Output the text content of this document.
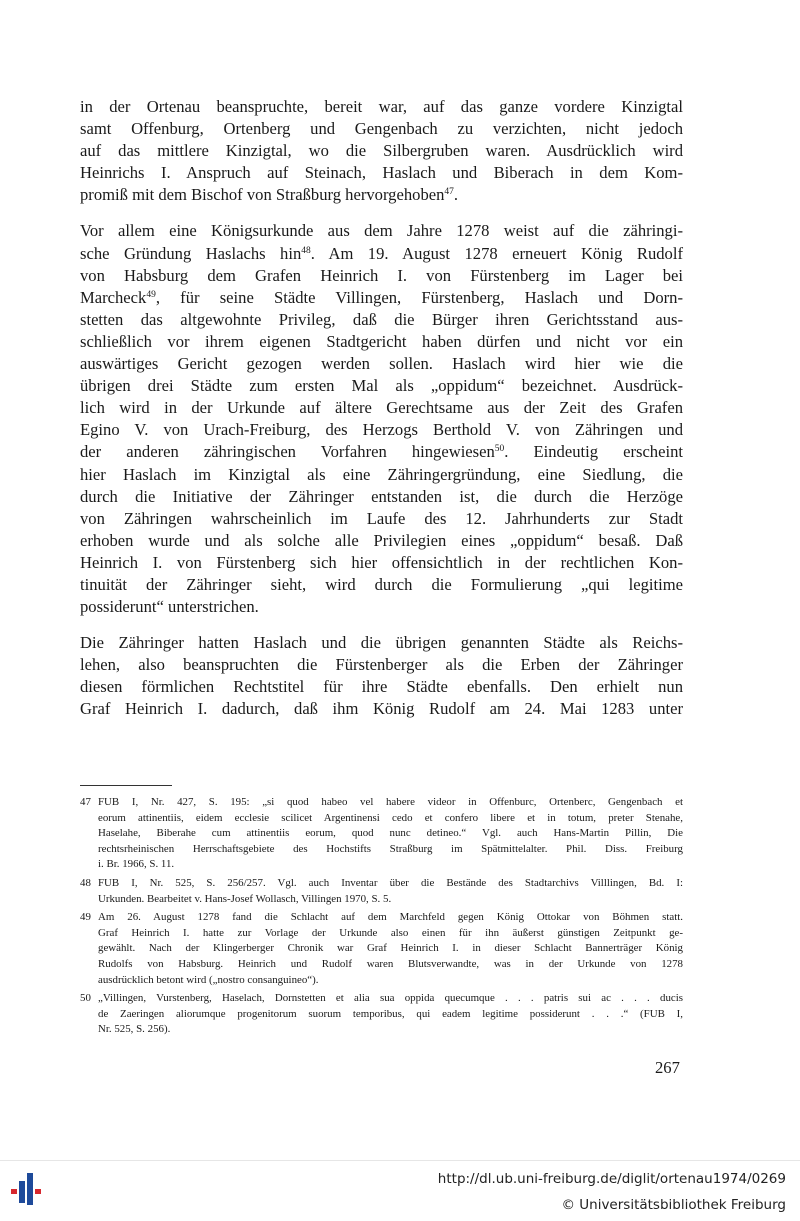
in der Ortenau beanspruchte, bereit war, auf das ganze vordere Kinzigtal
samt Offenburg, Ortenberg und Gengenbach zu verzichten, nicht jedoch
auf das mittlere Kinzigtal, wo die Silbergruben waren. Ausdrücklich wird
Heinrichs I. Anspruch auf Steinach, Haslach und Biberach in dem Kom-
promiß mit dem Bischof von Straßburg hervorgehoben$^{47}$.

Vor allem eine Königsurkunde aus dem Jahre 1278 weist auf die zähringi-
sche Gründung Haslachs hin$^{48}$. Am 19. August 1278 erneuert König Rudolf
von Habsburg dem Grafen Heinrich I. von Fürstenberg im Lager bei
Marcheck$^{49}$, für seine Städte Villingen, Fürstenberg, Haslach und Dorn-
stetten das altgewohnte Privileg, daß die Bürger ihren Gerichtsstand aus-
schließlich vor ihrem eigenen Stadtgericht haben dürfen und nicht vor ein
auswärtiges Gericht gezogen werden sollen. Haslach wird hier wie die
übrigen drei Städte zum ersten Mal als „oppidum“ bezeichnet. Ausdrück-
lich wird in der Urkunde auf ältere Gerechtsame aus der Zeit des Grafen
Egino V. von Urach-Freiburg, des Herzogs Berthold V. von Zähringen und
der anderen zähringischen Vorfahren hingewiesen$^{50}$. Eindeutig erscheint
hier Haslach im Kinzigtal als eine Zähringergründung, eine Siedlung, die
durch die Initiative der Zähringer entstanden ist, die durch die Herzöge
von Zähringen wahrscheinlich im Laufe des 12. Jahrhunderts zur Stadt
erhoben wurde und als solche alle Privilegien eines „oppidum“ besaß. Daß
Heinrich I. von Fürstenberg sich hier offensichtlich in der rechtlichen Kon-
tinuität der Zähringer sieht, wird durch die Formulierung „qui legitime
possiderunt“ unterstrichen.

Die Zähringer hatten Haslach und die übrigen genannten Städte als Reichs-
lehen, also beanspruchten die Fürstenberger als die Erben der Zähringer
diesen förmlichen Rechtstitel für ihre Städte ebenfalls. Den erhielt nun
Graf Heinrich I. dadurch, daß ihm König Rudolf am 24. Mai 1283 unter

47 FUB I, Nr. 427, S. 195: „si quod habeo vel habere videor in Offenburc, Ortenberc, Gengenbach et
eorum attinentiis, eidem ecclesie scilicet Argentinensi cedo et confero libere et in totum, preter Stenahe,
Haselahe, Biberahe cum attinentiis eorum, quod nunc detineo.“ Vgl. auch Hans-Martin Pillin, Die
rechtsrheinischen Herrschaftsgebiete des Hochstifts Straßburg im Spätmittelalter. Phil. Diss. Freiburg
i. Br. 1966, S. 11.
48 FUB I, Nr. 525, S. 256/257. Vgl. auch Inventar über die Bestände des Stadtarchivs Villlingen, Bd. I:
Urkunden. Bearbeitet v. Hans-Josef Wollasch, Villingen 1970, S. 5.
49 Am 26. August 1278 fand die Schlacht auf dem Marchfeld gegen König Ottokar von Böhmen statt.
Graf Heinrich I. hatte zur Vorlage der Urkunde also einen für ihn äußerst günstigen Zeitpunkt ge-
gewählt. Nach der Klingerberger Chronik war Graf Heinrich I. in dieser Schlacht Bannerträger König
Rudolfs von Habsburg. Heinrich und Rudolf waren Blutsverwandte, was in der Urkunde von 1278
ausdrücklich betont wird („nostro consanguineo“).
50 „Villingen, Vurstenberg, Haselach, Dornstetten et alia sua oppida quecumque . . . patris sui ac . . . ducis
de Zaeringen aliorumque progenitorum suorum temporibus, qui eadem legitime possiderunt . . .“ (FUB I,
Nr. 525, S. 256).
267
http://dl.ub.uni-freiburg.de/diglit/ortenau1974/0269
© Universitätsbibliothek Freiburg
